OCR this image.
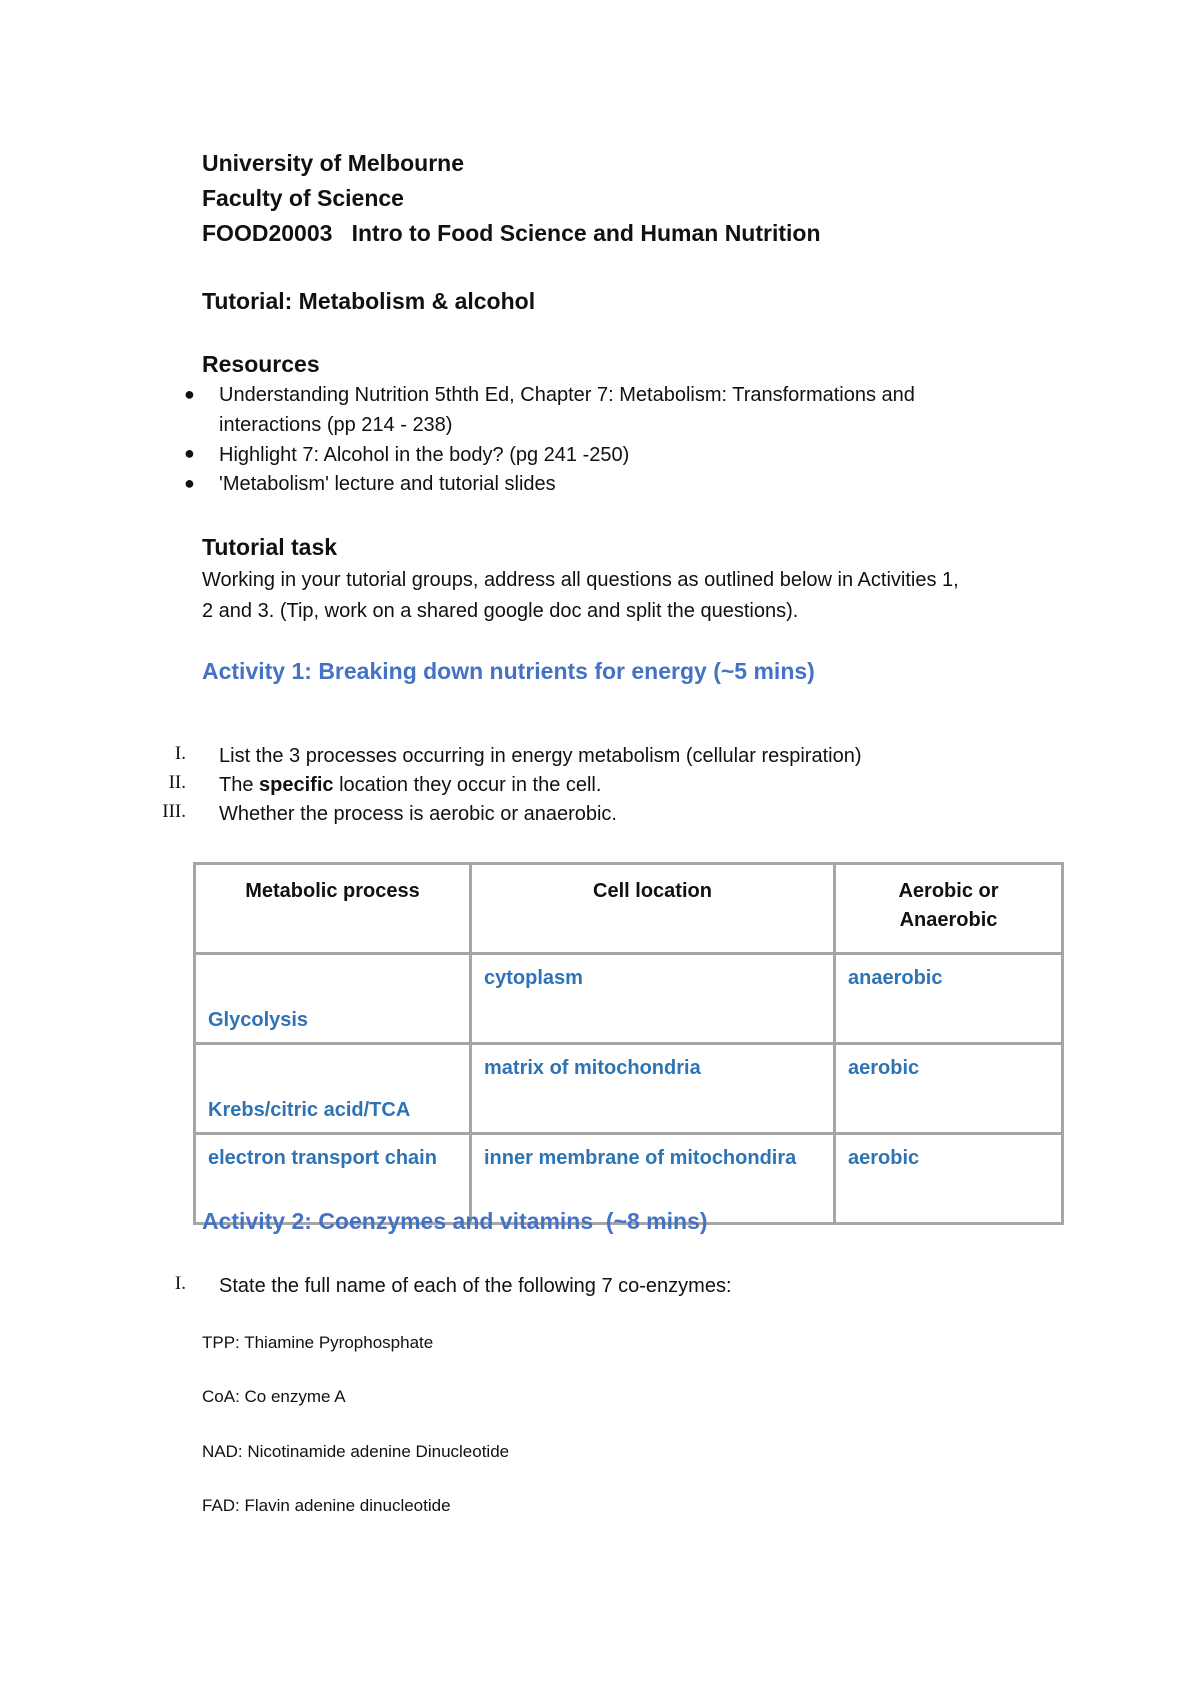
University of Melbourne
Faculty of Science
FOOD20003   Intro to Food Science and Human Nutrition
Tutorial: Metabolism & alcohol
Resources
● Understanding Nutrition 5thth Ed, Chapter 7: Metabolism: Transformations and
interactions (pp 214 - 238)
● Highlight 7: Alcohol in the body? (pg 241 -250)
● 'Metabolism' lecture and tutorial slides
Tutorial task
Working in your tutorial groups, address all questions as outlined below in Activities 1,
2 and 3. (Tip, work on a shared google doc and split the questions).
Activity 1: Breaking down nutrients for energy (~5 mins)
I. List the 3 processes occurring in energy metabolism (cellular respiration)
II. The specific location they occur in the cell.
III. Whether the process is aerobic or anaerobic.
Metabolic process	Cell location	Aerobic or
Anaerobic
Glycolysis	cytoplasm	anaerobic
Krebs/citric acid/TCA	matrix of mitochondria	aerobic
electron transport chain	inner membrane of mitochondira	aerobic
Activity 2: Coenzymes and vitamins  (~8 mins)
I. State the full name of each of the following 7 co-enzymes:
TPP: Thiamine Pyrophosphate
CoA: Co enzyme A
NAD: Nicotinamide adenine Dinucleotide
FAD: Flavin adenine dinucleotide
